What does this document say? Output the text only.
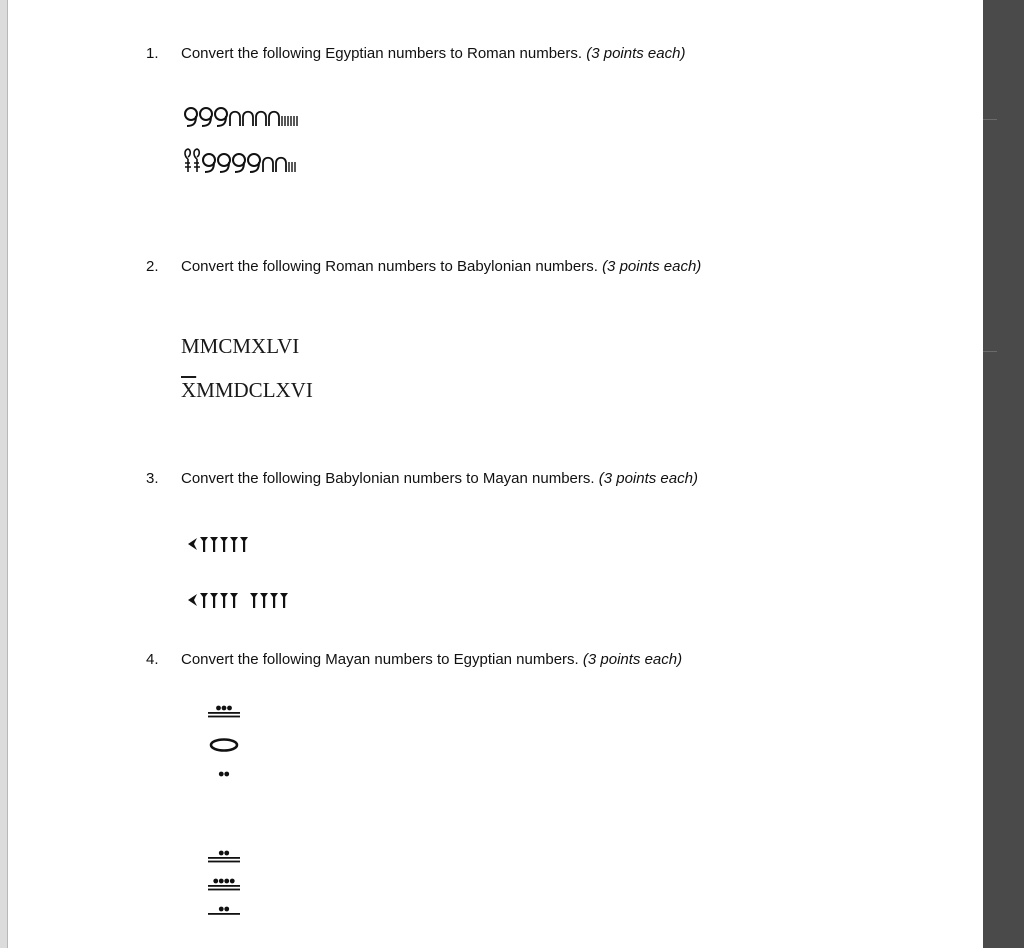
1. Convert the following Egyptian numbers to Roman numbers. (3 points each)
2. Convert the following Roman numbers to Babylonian numbers. (3 points each)
MMCMXLVI
$\overline{X}MMDCLXVI$
3. Convert the following Babylonian numbers to Mayan numbers. (3 points each)
4. Convert the following Mayan numbers to Egyptian numbers. (3 points each)
